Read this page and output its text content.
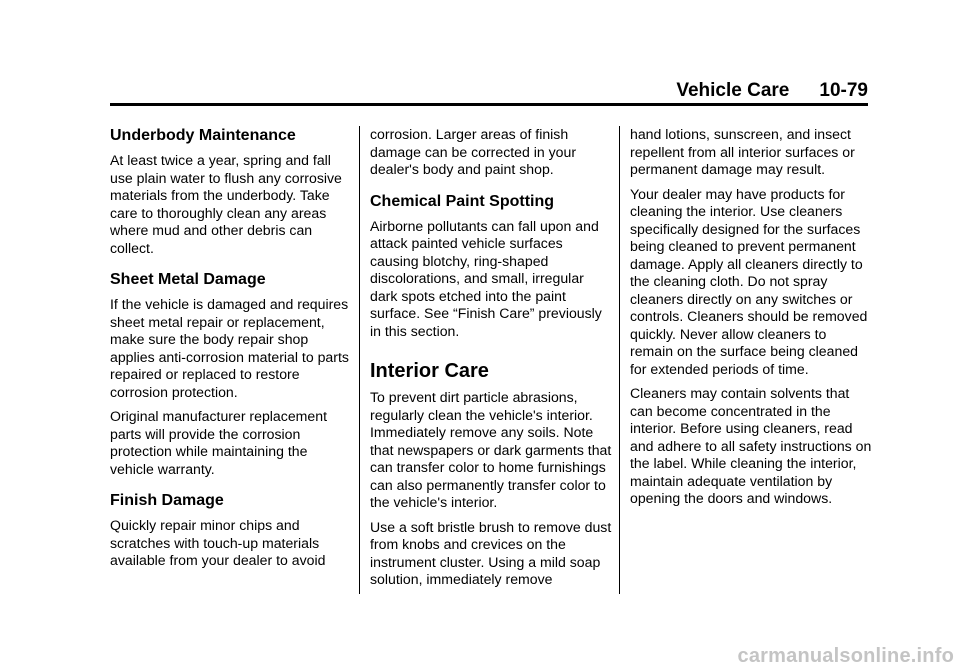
Vehicle Care 10-79
Underbody Maintenance

At least twice a year, spring and fall use plain water to flush any corrosive materials from the underbody. Take care to thoroughly clean any areas where mud and other debris can collect.

Sheet Metal Damage

If the vehicle is damaged and requires sheet metal repair or replacement, make sure the body repair shop applies anti-corrosion material to parts repaired or replaced to restore corrosion protection.

Original manufacturer replacement parts will provide the corrosion protection while maintaining the vehicle warranty.

Finish Damage

Quickly repair minor chips and scratches with touch-up materials available from your dealer to avoid

corrosion. Larger areas of finish damage can be corrected in your dealer's body and paint shop.

Chemical Paint Spotting

Airborne pollutants can fall upon and attack painted vehicle surfaces causing blotchy, ring-shaped discolorations, and small, irregular dark spots etched into the paint surface. See “Finish Care” previously in this section.

Interior Care

To prevent dirt particle abrasions, regularly clean the vehicle's interior. Immediately remove any soils. Note that newspapers or dark garments that can transfer color to home furnishings can also permanently transfer color to the vehicle's interior.

Use a soft bristle brush to remove dust from knobs and crevices on the instrument cluster. Using a mild soap solution, immediately remove

hand lotions, sunscreen, and insect repellent from all interior surfaces or permanent damage may result.

Your dealer may have products for cleaning the interior. Use cleaners specifically designed for the surfaces being cleaned to prevent permanent damage. Apply all cleaners directly to the cleaning cloth. Do not spray cleaners directly on any switches or controls. Cleaners should be removed quickly. Never allow cleaners to remain on the surface being cleaned for extended periods of time.

Cleaners may contain solvents that can become concentrated in the interior. Before using cleaners, read and adhere to all safety instructions on the label. While cleaning the interior, maintain adequate ventilation by opening the doors and windows.

carmanualsonline.info
